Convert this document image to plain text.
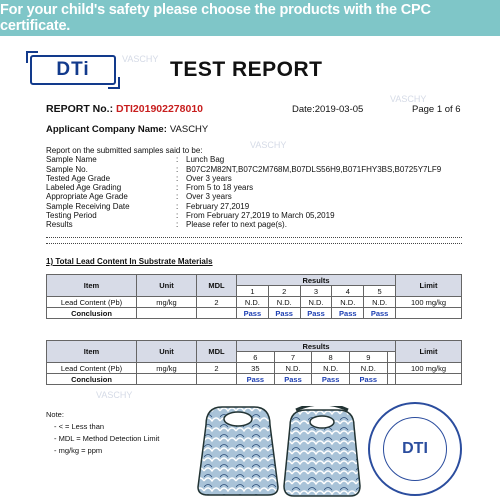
For your child's safety please choose the products with the CPC certificate.
DTi	TEST REPORT
VASCHY
VASCHY
VASCHY
VASCHY
REPORT No.: DTI201902278010	Date:2019-03-05	Page 1 of 6
Applicant Company Name: VASCHY
Report on the submitted samples said to be:
Sample Name	: Lunch Bag
Sample No.	: B07C2M82NT,B07C2M768M,B07DLS56H9,B071FHY3BS,B0725Y7LF9
Tested Age Grade	: Over 3 years
Labeled Age Grading	: From 5 to 18 years
Appropriate Age Grade	: Over 3 years
Sample Receiving Date	: February 27,2019
Testing Period	: From February 27,2019 to March 05,2019
Results	: Please refer to next page(s).
1) Total Lead Content In Substrate Materials
Item	Unit	MDL	Results					Limit
			1	2	3	4	5	
Lead Content (Pb)	mg/kg	2	N.D.	N.D.	N.D.	N.D.	N.D.	100 mg/kg
Conclusion			Pass	Pass	Pass	Pass	Pass	
Item	Unit	MDL	Results					Limit
			6	7	8	9		
Lead Content (Pb)	mg/kg	2	35	N.D.	N.D.	N.D.		100 mg/kg
Conclusion			Pass	Pass	Pass	Pass		
Note:
- < = Less than
- MDL = Method Detection Limit
- mg/kg = ppm	DTI
